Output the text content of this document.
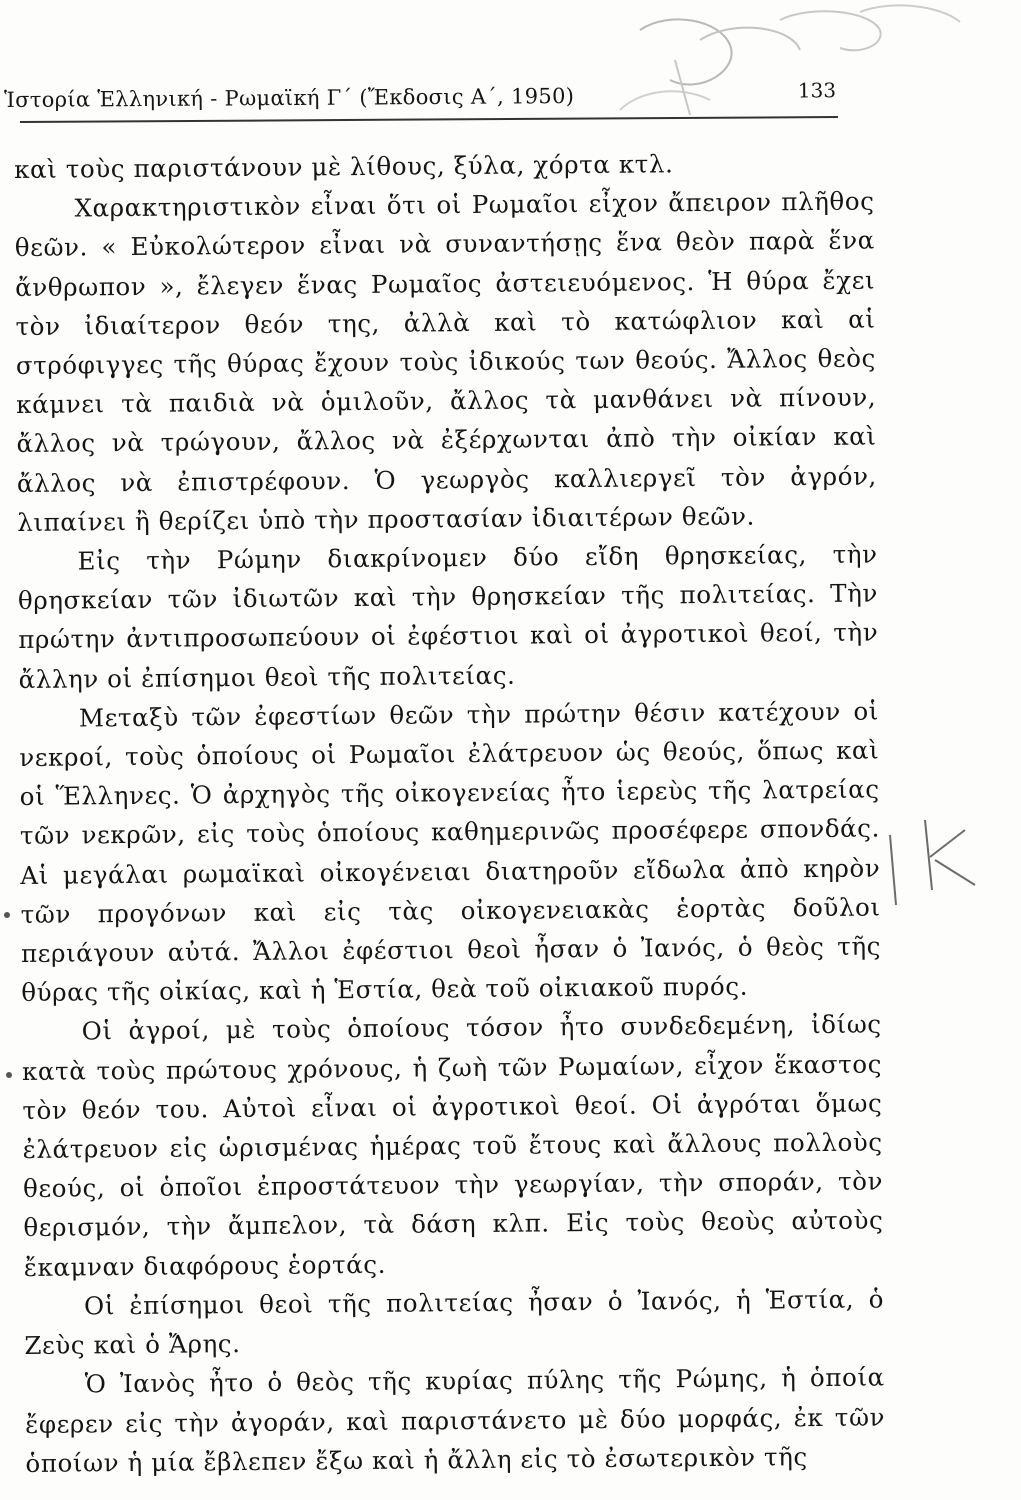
Ἱστορία Ἑλληνική - Ρωμαϊκή Γ΄ (Ἔκδοσις Α΄, 1950)	133

καὶ τοὺς παριστάνουν μὲ λίθους, ξύλα, χόρτα κτλ.

Χαρακτηριστικὸν εἶναι ὅτι οἱ Ρωμαῖοι εἶχον ἄπειρον πλῆθος θεῶν. « Εὐκολώτερον εἶναι νὰ συναντήσῃς ἕνα θεὸν παρὰ ἕνα ἄνθρωπον », ἔλεγεν ἕνας Ρωμαῖος ἀστειευόμενος. Ἡ θύρα ἔχει τὸν ἰδιαίτερον θεόν της, ἀλλὰ καὶ τὸ κατώφλιον καὶ αἱ στρόφιγγες τῆς θύρας ἔχουν τοὺς ἰδικούς των θεούς. Ἄλλος θεὸς κάμνει τὰ παιδιὰ νὰ ὁμιλοῦν, ἄλλος τὰ μανθάνει νὰ πίνουν, ἄλλος νὰ τρώγουν, ἄλλος νὰ ἐξέρχωνται ἀπὸ τὴν οἰκίαν καὶ ἄλλος νὰ ἐπιστρέφουν. Ὁ γεωργὸς καλλιεργεῖ τὸν ἀγρόν, λιπαίνει ἢ θερίζει ὑπὸ τὴν προστασίαν ἰδιαιτέρων θεῶν.

Εἰς τὴν Ρώμην διακρίνομεν δύο εἴδη θρησκείας, τὴν θρησκείαν τῶν ἰδιωτῶν καὶ τὴν θρησκείαν τῆς πολιτείας. Τὴν πρώτην ἀντιπροσωπεύουν οἱ ἐφέστιοι καὶ οἱ ἀγροτικοὶ θεοί, τὴν ἄλλην οἱ ἐπίσημοι θεοὶ τῆς πολιτείας.

Μεταξὺ τῶν ἐφεστίων θεῶν τὴν πρώτην θέσιν κατέχουν οἱ νεκροί, τοὺς ὁποίους οἱ Ρωμαῖοι ἐλάτρευον ὡς θεούς, ὅπως καὶ οἱ Ἕλληνες. Ὁ ἀρχηγὸς τῆς οἰκογενείας ἦτο ἱερεὺς τῆς λατρείας τῶν νεκρῶν, εἰς τοὺς ὁποίους καθημερινῶς προσέφερε σπονδάς. Αἱ μεγάλαι ρωμαϊκαὶ οἰκογένειαι διατηροῦν εἴδωλα ἀπὸ κηρὸν τῶν προγόνων καὶ εἰς τὰς οἰκογενειακὰς ἑορτὰς δοῦλοι περιάγουν αὐτά. Ἄλλοι ἐφέστιοι θεοὶ ἦσαν ὁ Ἰανός, ὁ θεὸς τῆς θύρας τῆς οἰκίας, καὶ ἡ Ἑστία, θεὰ τοῦ οἰκιακοῦ πυρός.

Οἱ ἀγροί, μὲ τοὺς ὁποίους τόσον ἦτο συνδεδεμένη, ἰδίως κατὰ τοὺς πρώτους χρόνους, ἡ ζωὴ τῶν Ρωμαίων, εἶχον ἕκαστος τὸν θεόν του. Αὐτοὶ εἶναι οἱ ἀγροτικοὶ θεοί. Οἱ ἀγρόται ὅμως ἐλάτρευον εἰς ὡρισμένας ἡμέρας τοῦ ἔτους καὶ ἄλλους πολλοὺς θεούς, οἱ ὁποῖοι ἐπροστάτευον τὴν γεωργίαν, τὴν σποράν, τὸν θερισμόν, τὴν ἄμπελον, τὰ δάση κλπ. Εἰς τοὺς θεοὺς αὐτοὺς ἔκαμναν διαφόρους ἑορτάς.

Οἱ ἐπίσημοι θεοὶ τῆς πολιτείας ἦσαν ὁ Ἰανός, ἡ Ἑστία, ὁ Ζεὺς καὶ ὁ Ἄρης.

Ὁ Ἰανὸς ἦτο ὁ θεὸς τῆς κυρίας πύλης τῆς Ρώμης, ἡ ὁποία ἔφερεν εἰς τὴν ἀγοράν, καὶ παριστάνετο μὲ δύο μορφάς, ἐκ τῶν ὁποίων ἡ μία ἔβλεπεν ἔξω καὶ ἡ ἄλλη εἰς τὸ ἐσωτερικὸν τῆς
